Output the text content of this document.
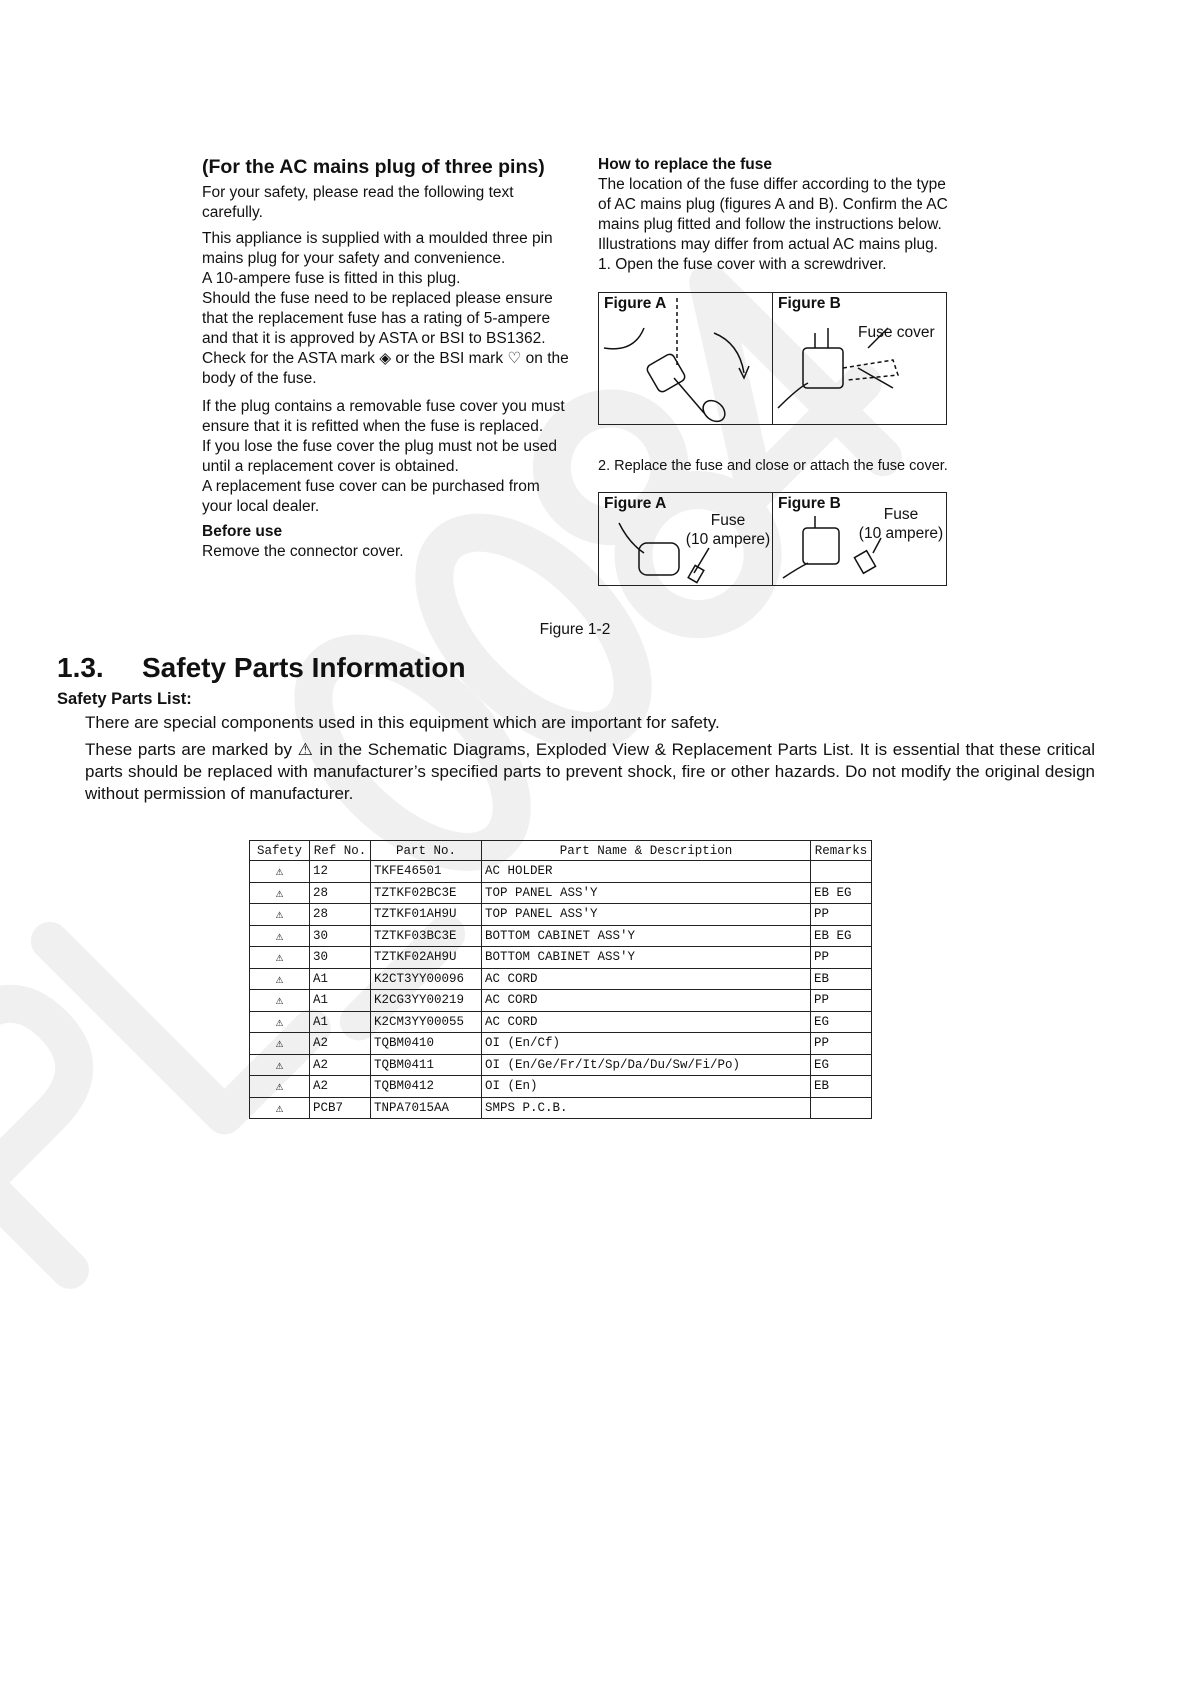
(For the AC mains plug of three pins)

For your safety, please read the following text carefully.

This appliance is supplied with a moulded three pin mains plug for your safety and convenience.

A 10-ampere fuse is fitted in this plug.

Should the fuse need to be replaced please ensure that the replacement fuse has a rating of 5-ampere and that it is approved by ASTA or BSI to BS1362.

Check for the ASTA mark ◈ or the BSI mark ♡ on the body of the fuse.

If the plug contains a removable fuse cover you must ensure that it is refitted when the fuse is replaced.

If you lose the fuse cover the plug must not be used until a replacement cover is obtained.

A replacement fuse cover can be purchased from your local dealer.

Before use

Remove the connector cover.

How to replace the fuse
The location of the fuse differ according to the type of AC mains plug (figures A and B). Confirm the AC mains plug fitted and follow the instructions below. Illustrations may differ from actual AC mains plug.
1. Open the fuse cover with a screwdriver.
Figure A	Figure B
Fuse cover
2. Replace the fuse and close or attach the fuse cover.
Figure A
Fuse
(10 ampere)
Figure B
Fuse
(10 ampere)
Figure 1-2
1.3. Safety Parts Information
Safety Parts List:
There are special components used in this equipment which are important for safety.
These parts are marked by ⚠ in the Schematic Diagrams, Exploded View & Replacement Parts List. It is essential that these critical parts should be replaced with manufacturer’s specified parts to prevent shock, fire or other hazards. Do not modify the original design without permission of manufacturer.
Safety	Ref No.	Part No.	Part Name & Description	Remarks
⚠	12	TKFE46501	AC HOLDER	
⚠	28	TZTKF02BC3E	TOP PANEL ASS'Y	EB EG
⚠	28	TZTKF01AH9U	TOP PANEL ASS'Y	PP
⚠	30	TZTKF03BC3E	BOTTOM CABINET ASS'Y	EB EG
⚠	30	TZTKF02AH9U	BOTTOM CABINET ASS'Y	PP
⚠	A1	K2CT3YY00096	AC CORD	EB
⚠	A1	K2CG3YY00219	AC CORD	PP
⚠	A1	K2CM3YY00055	AC CORD	EG
⚠	A2	TQBM0410	OI (En/Cf)	PP
⚠	A2	TQBM0411	OI (En/Ge/Fr/It/Sp/Da/Du/Sw/Fi/Po)	EG
⚠	A2	TQBM0412	OI (En)	EB
⚠	PCB7	TNPA7015AA	SMPS P.C.B.	
